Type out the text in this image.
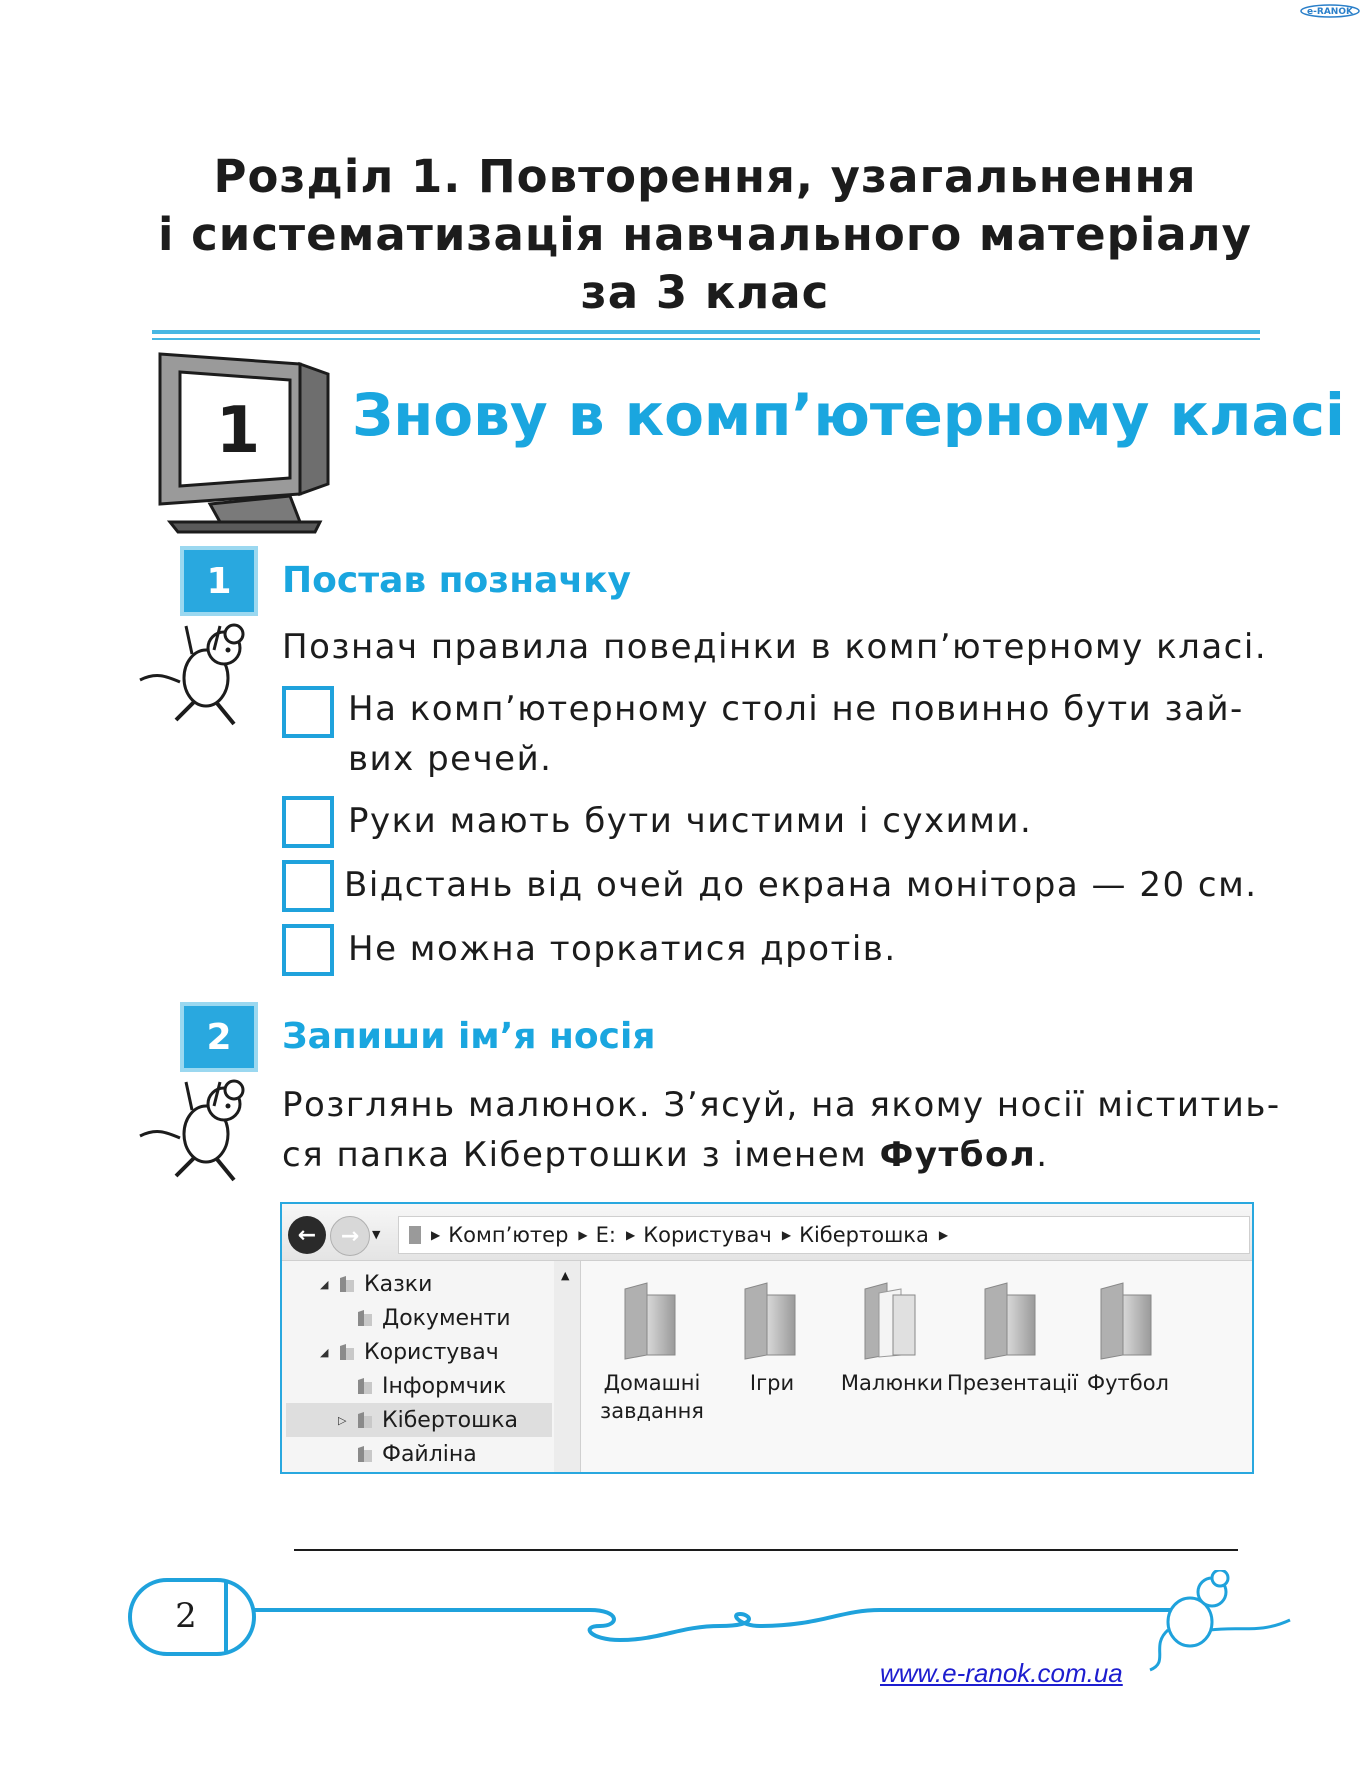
e-RANOK
Розділ 1. Повторення, узагальнення
і систематизація навчального матеріалу
за 3 клас
1 Знову в комп’ютерному класі
1 Постав позначку
Познач правила поведінки в комп’ютерному класі.
На комп’ютерному столі не повинно бути зай-
вих речей.
Руки мають бути чистими і сухими.
Відстань від очей до екрана монітора — 20 см.
Не можна торкатися дротів.
2 Запиши ім’я носія
Розглянь малюнок. З’ясуй, на якому носії міститиь-
ся папка Кібертошки з іменем Футбол.
← → ▼	▶ Комп’ютер ▶ E: ▶ Користувач ▶ Кібертошка ▶
◢	Казки
Документи
◢	Користувач
Інформчик
▷	Кібертошка
Файліна
▲
Домашні
завдання
Ігри	Малюнки Презентації Футбол
2
www.e-ranok.com.ua
